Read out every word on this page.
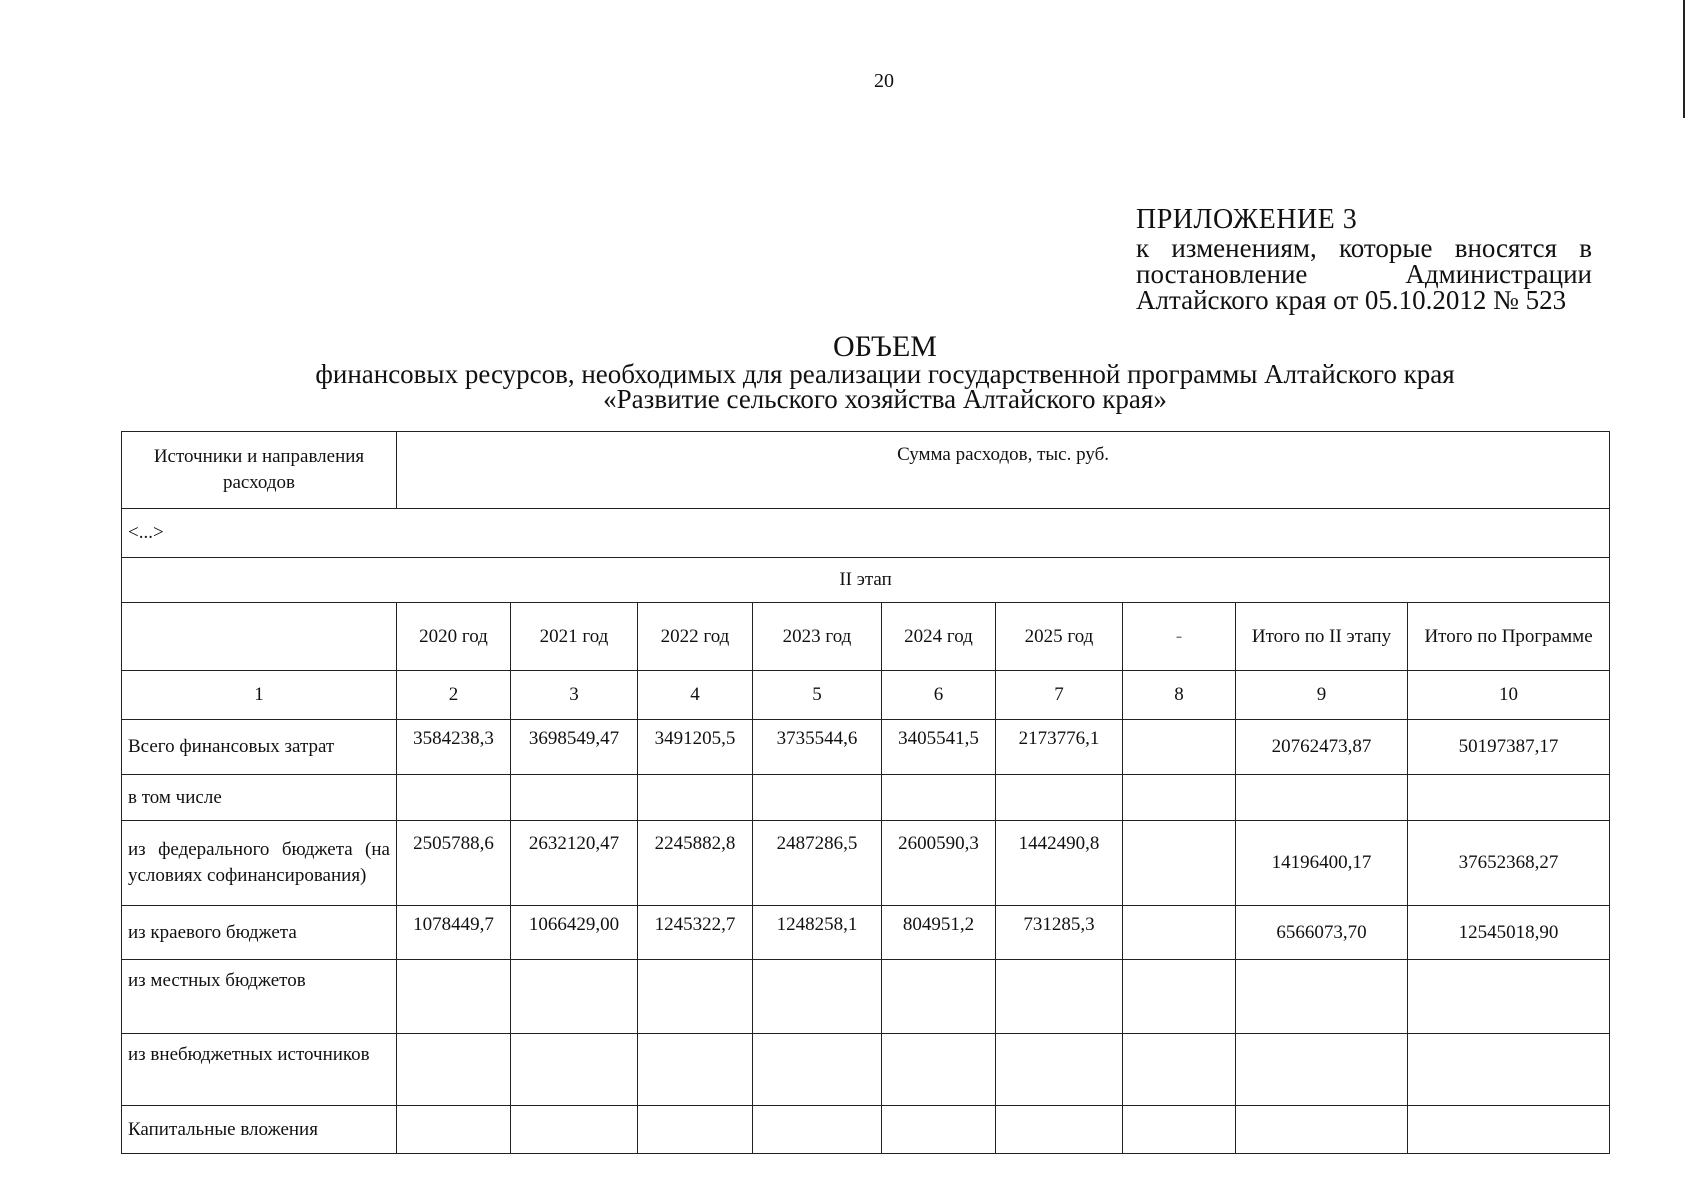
20
ПРИЛОЖЕНИЕ 3
к изменениям, которые вносятся в постановление Администрации Алтайского края от 05.10.2012 № 523
ОБЪЕМ
финансовых ресурсов, необходимых для реализации государственной программы Алтайского края
«Развитие сельского хозяйства Алтайского края»
Источники и направления расходов	Сумма расходов, тыс. руб.								
<...>									
II этап									
	2020 год	2021 год	2022 год	2023 год	2024 год	2025 год	-	Итого по II этапу	Итого по Программе
1	2	3	4	5	6	7	8	9	10
Всего финансовых затрат	3584238,3	3698549,47	3491205,5	3735544,6	3405541,5	2173776,1		20762473,87	50197387,17
в том числе									
из федерального бюджета (на условиях софинансирования)	2505788,6	2632120,47	2245882,8	2487286,5	2600590,3	1442490,8		14196400,17	37652368,27
из краевого бюджета	1078449,7	1066429,00	1245322,7	1248258,1	804951,2	731285,3		6566073,70	12545018,90
из местных бюджетов									
из внебюджетных источников									
Капитальные вложения									
